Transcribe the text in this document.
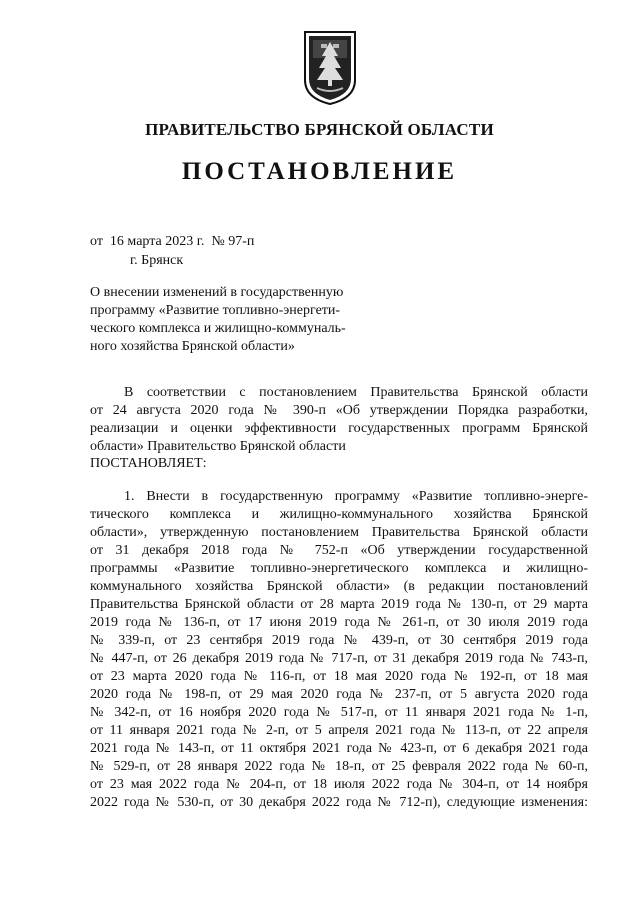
ПРАВИТЕЛЬСТВО БРЯНСКОЙ ОБЛАСТИ
ПОСТАНОВЛЕНИЕ
от  16 марта 2023 г.  № 97-п
г. Брянск
О внесении изменений в государственную
программу «Развитие топливно-энергети-
ческого комплекса и жилищно-коммуналь-
ного хозяйства Брянской области»
В соответствии с постановлением Правительства Брянской области
от 24 августа 2020 года № 390-п «Об утверждении Порядка разработки,
реализации и оценки эффективности государственных программ Брянской
области» Правительство Брянской области
ПОСТАНОВЛЯЕТ:
1. Внести в государственную программу «Развитие топливно-энерге-
тического комплекса и жилищно-коммунального хозяйства Брянской
области», утвержденную постановлением Правительства Брянской области
от 31 декабря 2018 года № 752-п «Об утверждении государственной
программы «Развитие топливно-энергетического комплекса и жилищно-
коммунального хозяйства Брянской области» (в редакции постановлений
Правительства Брянской области от 28 марта 2019 года № 130-п, от 29 марта
2019 года № 136-п, от 17 июня 2019 года № 261-п, от 30 июля 2019 года
№ 339-п, от 23 сентября 2019 года № 439-п, от 30 сентября 2019 года
№ 447-п, от 26 декабря 2019 года № 717-п, от 31 декабря 2019 года № 743-п,
от 23 марта 2020 года № 116-п, от 18 мая 2020 года № 192-п, от 18 мая
2020 года № 198-п, от 29 мая 2020 года № 237-п, от 5 августа 2020 года
№ 342-п, от 16 ноября 2020 года № 517-п, от 11 января 2021 года № 1-п,
от 11 января 2021 года № 2-п, от 5 апреля 2021 года № 113-п, от 22 апреля
2021 года № 143-п, от 11 октября 2021 года № 423-п, от 6 декабря 2021 года
№ 529-п, от 28 января 2022 года № 18-п, от 25 февраля 2022 года № 60-п,
от 23 мая 2022 года № 204-п, от 18 июля 2022 года № 304-п, от 14 ноября
2022 года № 530-п, от 30 декабря 2022 года № 712-п), следующие изменения:
